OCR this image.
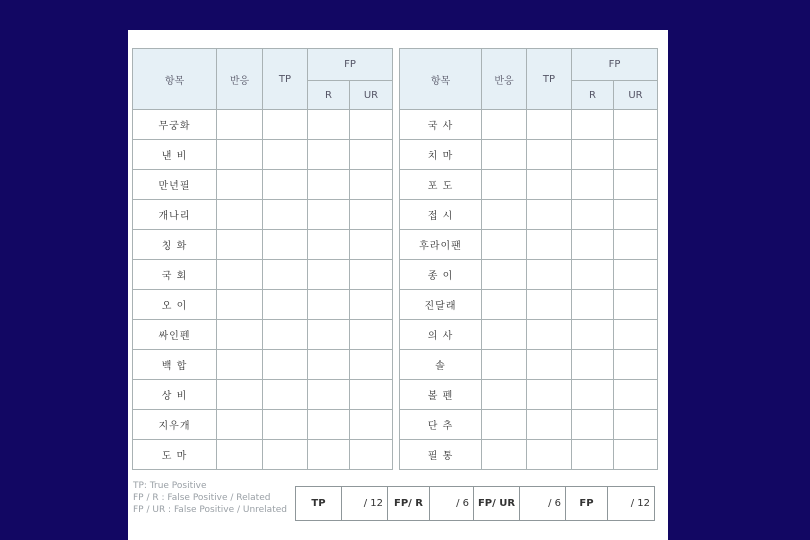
항목	반응	TP	FP	
			R	UR
무궁화				
낸 비				
만년필				
개나리				
칭 화				
국 회				
오 이				
싸인펜				
백 합				
상 비				
지우개				
도 마				
항목	반응	TP	FP	
			R	UR
국 사				
치 마				
포 도				
접 시				
후라이팬				
종 이				
진달래				
의 사				
솔				
볼 펜				
단 추				
필 통				
TP: True Positive
FP / R : False Positive / Related
FP / UR : False Positive / Unrelated
TP	/ 12	FP/ R	/ 6	FP/ UR	/ 6	FP	/ 12
